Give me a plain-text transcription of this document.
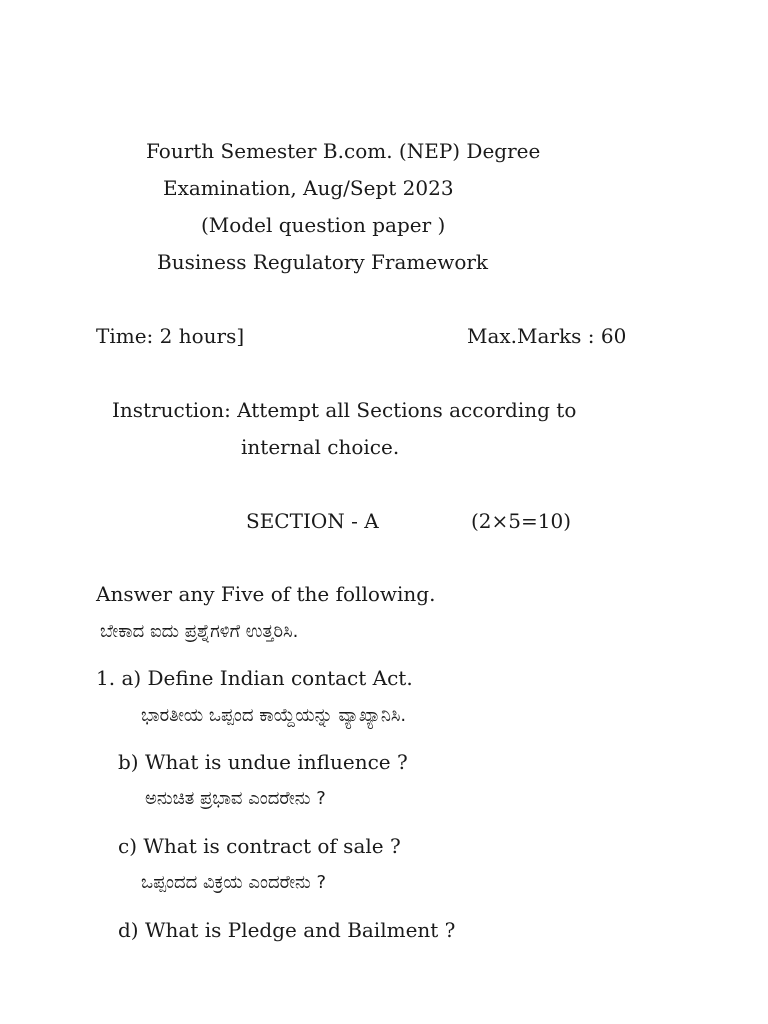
Fourth Semester B.com. (NEP) Degree
Examination, Aug/Sept 2023
(Model question paper )
Business Regulatory Framework
Time: 2 hours]	Max.Marks : 60
Instruction: Attempt all Sections according to
internal choice.
SECTION - A	(2×5=10)
Answer any Five of the following.
ಬೇಕಾದ ಐದು ಪ್ರಶ್ನೆಗಳಿಗೆ ಉತ್ತರಿಸಿ.
1. a) Define Indian contact Act.
ಭಾರತೀಯ ಒಪ್ಪಂದ ಕಾಯ್ದೆಯನ್ನು ವ್ಯಾಖ್ಯಾನಿಸಿ.
b) What is undue influence ?
ಅನುಚಿತ ಪ್ರಭಾವ ಎಂದರೇನು ?
c) What is contract of sale ?
ಒಪ್ಪಂದದ ವಿಕ್ರಯ ಎಂದರೇನು ?
d) What is Pledge and Bailment ?
